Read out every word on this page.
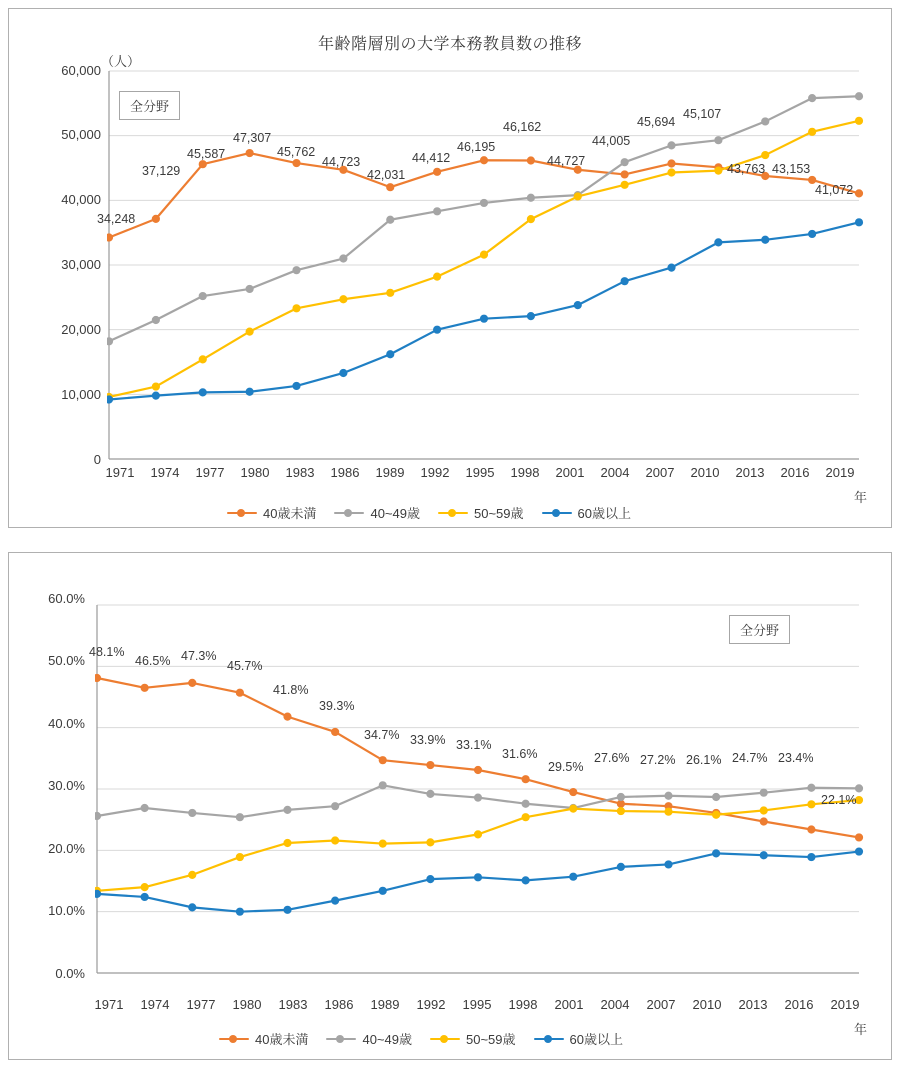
年齢階層別の大学本務教員数の推移
（人）
全分野
年
60,000
50,000
40,000
30,000
20,000
10,000
0
1971	1974	1977	1980	1983	1986	1989	1992	1995	1998	2001	2004	2007	2010	2013	2016	2019
34,248
37,129
45,587
47,307
45,762
44,723
42,031
44,412
46,195
46,162
44,727
44,005
45,694
45,107
43,763 43,153
41,072
40歳未満	40~49歳	50~59歳	60歳以上
全分野
年
60.0%
50.0%
40.0%
30.0%
20.0%
10.0%
0.0%
1971	1974	1977	1980	1983	1986	1989	1992	1995	1998	2001	2004	2007	2010	2013	2016	2019
48.1%
46.5% 47.3%
45.7%
41.8%
39.3%
34.7% 33.9% 33.1%
31.6%
29.5%
27.6% 27.2% 26.1% 24.7% 23.4%
22.1%
40歳未満	40~49歳	50~59歳	60歳以上
